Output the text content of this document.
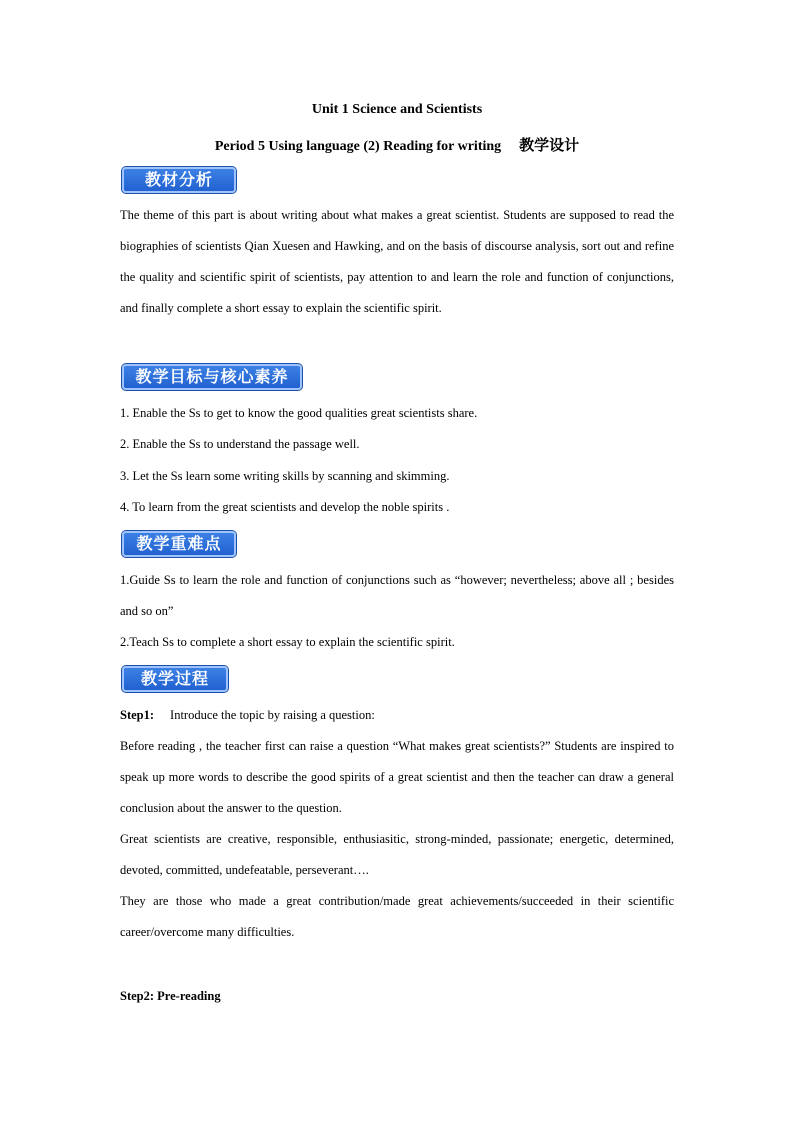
Unit 1 Science and Scientists
Period 5 Using language (2) Reading for writing 教学设计
教材分析
The theme of this part is about writing about what makes a great scientist. Students are supposed to read the biographies of scientists Qian Xuesen and Hawking, and on the basis of discourse analysis, sort out and refine the quality and scientific spirit of scientists, pay attention to and learn the role and function of conjunctions, and finally complete a short essay to explain the scientific spirit.
教学目标与核心素养
1. Enable the Ss to get to know the good qualities great scientists share.
2. Enable the Ss to understand the passage well.
3. Let the Ss learn some writing skills by scanning and skimming.
4. To learn from the great scientists and develop the noble spirits .
教学重难点
1.Guide Ss to learn the role and function of conjunctions such as “however; nevertheless; above all ; besides and so on”
2.Teach Ss to complete a short essay to explain the scientific spirit.
教学过程
Step1: Introduce the topic by raising a question:
Before reading , the teacher first can raise a question “What makes great scientists?” Students are inspired to speak up more words to describe the good spirits of a great scientist and then the teacher can draw a general conclusion about the answer to the question.
Great scientists are creative, responsible, enthusiasitic, strong-minded, passionate; energetic, determined, devoted, committed, undefeatable, perseverant….
They are those who made a great contribution/made great achievements/succeeded in their scientific career/overcome many difficulties.
Step2: Pre-reading
